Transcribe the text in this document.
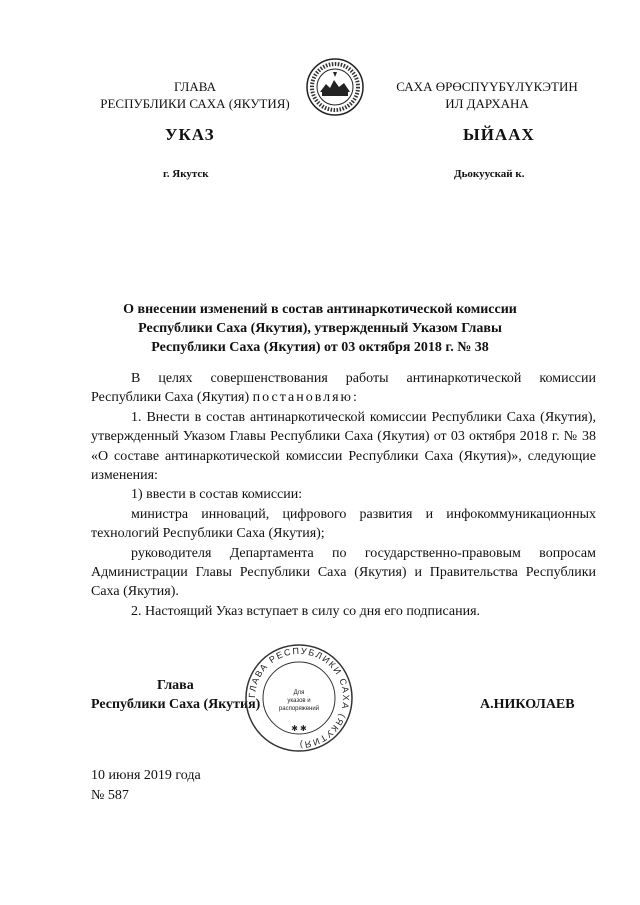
ГЛАВА
РЕСПУБЛИКИ САХА (ЯКУТИЯ)
САХА ӨРӨСПҮҮБҮЛҮКЭТИН
ИЛ ДАРХАНА
УКАЗ	ЫЙААХ
г. Якутск	Дьокуускай к.
О внесении изменений в состав антинаркотической комиссии
Республики Саха (Якутия), утвержденный Указом Главы
Республики Саха (Якутия) от 03 октября 2018 г. № 38

В целях совершенствования работы антинаркотической комиссии Республики Саха (Якутия) постановляю:

1. Внести в состав антинаркотической комиссии Республики Саха (Якутия), утвержденный Указом Главы Республики Саха (Якутия) от 03 октября 2018 г. № 38 «О составе антинаркотической комиссии Республики Саха (Якутия)», следующие изменения:

1) ввести в состав комиссии:

министра инноваций, цифрового развития и инфокоммуникационных технологий Республики Саха (Якутия);

руководителя Департамента по государственно-правовым вопросам Администрации Главы Республики Саха (Якутия) и Правительства Республики Саха (Якутия).

2. Настоящий Указ вступает в силу со дня его подписания.

Глава
Республики Саха (Якутия)
ГЛАВА РЕСПУБЛИКИ САХА (ЯКУТИЯ)
Для
указов и
распоряжений
✱ ✱
А.НИКОЛАЕВ
10 июня 2019 года
№ 587
